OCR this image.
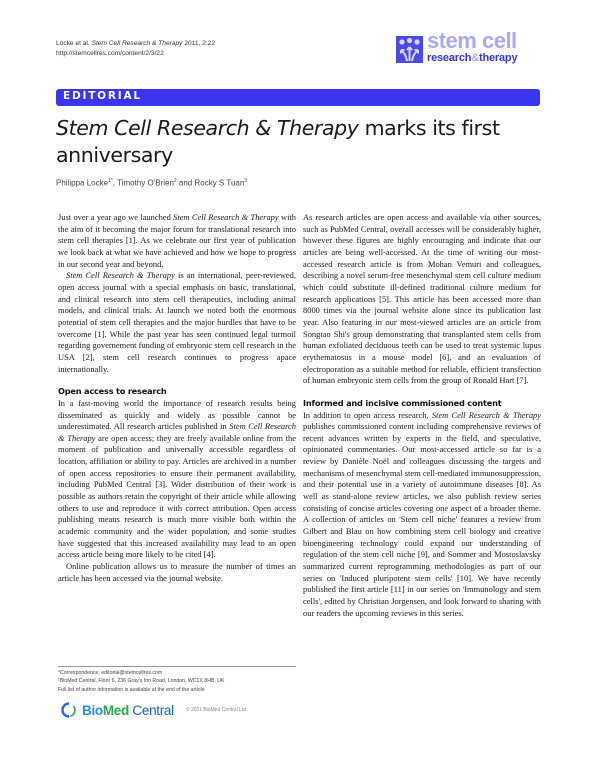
Locke et al. Stem Cell Research & Therapy 2011, 2:22
http://stemcellres.com/content/2/3/22
stem cell
research&therapy
EDITORIAL
Stem Cell Research & Therapy marks its first anniversary
Philippa Locke$^{1*}$, Timothy O'Brien$^2$ and Rocky S Tuan$^3$

Just over a year ago we launched Stem Cell Research & Therapy with the aim of it becoming the major forum for translational research into stem cell therapies [1]. As we celebrate our first year of publication we look back at what we have achieved and how we hope to progress in our second year and beyond.

Stem Cell Research & Therapy is an international, peer-reviewed, open access journal with a special emphasis on basic, translational, and clinical research into stem cell therapeutics, including animal models, and clinical trials. At launch we noted both the enormous potential of stem cell therapies and the major hurdles that have to be overcome [1]. While the past year has seen continued legal turmoil regarding governement funding of embryonic stem cell research in the USA [2], stem cell research continues to progress apace internationally.

Open access to research

In a fast-moving world the importance of research results being disseminated as quickly and widely as possible cannot be underestimated. All research articles published in Stem Cell Research & Therapy are open access; they are freely available online from the moment of publication and universally accessible regardless of location, affiliation or ability to pay. Articles are archived in a number of open access repositories to ensure their permanent availability, including PubMed Central [3]. Wider distribution of their work is possible as authors retain the copyright of their article while allowing others to use and reproduce it with correct attribution. Open access publishing means research is much more visible both within the academic community and the wider population, and some studies have suggested that this increased availability may lead to an open access article being more likely to be cited [4].

Online publication allows us to measure the number of times an article has been accessed via the journal website.

As research articles are open access and available via other sources, such as PubMed Central, overall accesses will be considerably higher, however these figures are highly encouraging and indicate that our articles are being well-accessed. At the time of writing our most-accessed research article is from Mohan Vemuri and colleagues, describing a novel serum-free mesenchymal stem cell culture medium which could substitute ill-defined traditional culture medium for research applications [5]. This article has been accessed more than 8000 times via the journal website alone since its publication last year. Also featuring in our most-viewed articles are an article from Songtao Shi's group demonstrating that transplanted stem cells from human exfoliated deciduous teeth can be used to treat systemic lupus erythematosus in a mouse model [6], and an evaluation of electroporation as a suitable method for reliable, efficient transfection of human embryonic stem cells from the group of Ronald Hart [7].

Informed and incisive commissioned content

In addition to open access research, Stem Cell Research & Therapy publishes commissioned content including comprehensive reviews of recent advances written by experts in the field, and speculative, opinionated commentaries. Our most-accessed article so far is a review by Danièle Noël and colleagues discussing the targets and mechanisms of mesenchymal stem cell-mediated immunosuppression, and their potential use in a variety of autoimmune diseases [8]. As well as stand-alone review articles, we also publish review series consisting of concise articles covering one aspect of a broader theme. A collection of articles on 'Stem cell niche' features a review from Gilbert and Blau on how combining stem cell biology and creative bioengineering technology could expand our understanding of regulation of the stem cell niche [9], and Sommer and Mostoslavsky summarized current reprogramming methodologies as part of our series on 'Induced pluripotent stem cells' [10]. We have recently published the first article [11] in our series on 'Immunology and stem cells', edited by Christian Jorgensen, and look forward to sharing with our readers the upcoming reviews in this series.

*Correspondence: editorial@stemcellres.com
¹BioMed Central, Floor 6, 236 Gray's Inn Road, London, WC1X 8HB, UK
Full list of author information is available at the end of the article
BioMed Central © 2011 BioMed Central Ltd
